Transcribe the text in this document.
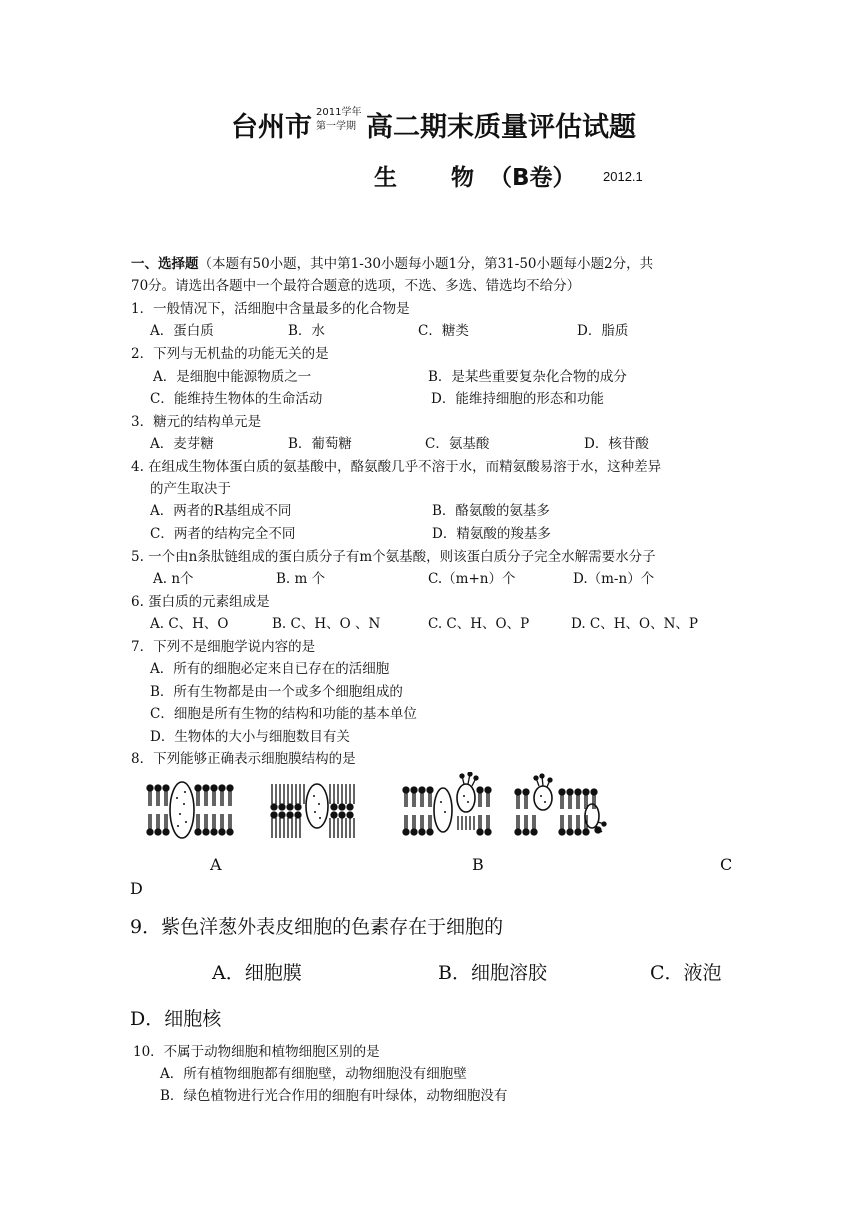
台州市 2011学年
第一学期 高二期末质量评估试题
生 物 （B卷） 2012.1
一、选择题（本题有50小题，其中第1-30小题每小题1分，第31-50小题每小题2分，共
70分。请选出各题中一个最符合题意的选项，不选、多选、错选均不给分）
1．一般情况下，活细胞中含量最多的化合物是
A．蛋白质	B．水	C．糖类	D．脂质
2．下列与无机盐的功能无关的是
A．是细胞中能源物质之一	B．是某些重要复杂化合物的成分
C．能维持生物体的生命活动	D．能维持细胞的形态和功能
3．糖元的结构单元是
A．麦芽糖	B．葡萄糖	C．氨基酸	D．核苷酸
4. 在组成生物体蛋白质的氨基酸中，酪氨酸几乎不溶于水，而精氨酸易溶于水，这种差异
的产生取决于
A．两者的R基组成不同	B．酪氨酸的氨基多
C．两者的结构完全不同	D．精氨酸的羧基多
5. 一个由n条肽链组成的蛋白质分子有m个氨基酸，则该蛋白质分子完全水解需要水分子
A. n个	B. m 个	C.（m+n）个	D.（m-n）个
6. 蛋白质的元素组成是
A. C、H、O	B. C、H、O 、N	C. C、H、O、P	D. C、H、O、N、P
7．下列不是细胞学说内容的是
A．所有的细胞必定来自已存在的活细胞
B．所有生物都是由一个或多个细胞组成的
C．细胞是所有生物的结构和功能的基本单位
D．生物体的大小与细胞数目有关
8．下列能够正确表示细胞膜结构的是
A	B	C
D
9．紫色洋葱外表皮细胞的色素存在于细胞的
A．细胞膜	B．细胞溶胶	C．液泡
D．细胞核
10．不属于动物细胞和植物细胞区别的是
A．所有植物细胞都有细胞壁，动物细胞没有细胞壁
B．绿色植物进行光合作用的细胞有叶绿体，动物细胞没有
